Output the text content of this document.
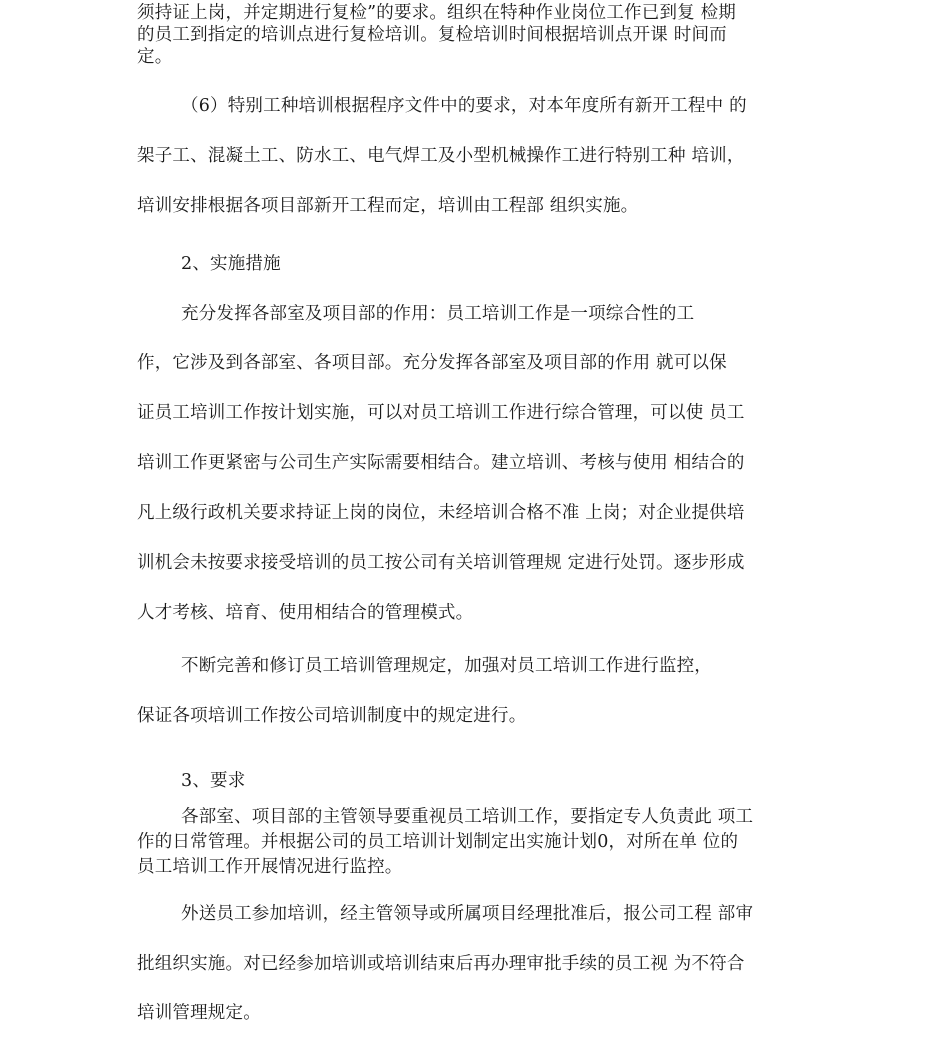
须持证上岗，并定期进行复检”的要求。组织在特种作业岗位工作已到复 检期

的员工到指定的培训点进行复检培训。复检培训时间根据培训点开课 时间而

定。

（6）特别工种培训根据程序文件中的要求，对本年度所有新开工程中 的

架子工、混凝土工、防水工、电气焊工及小型机械操作工进行特别工种 培训，

培训安排根据各项目部新开工程而定，培训由工程部 组织实施。

2、实施措施

充分发挥各部室及项目部的作用：员工培训工作是一项综合性的工

作，它涉及到各部室、各项目部。充分发挥各部室及项目部的作用 就可以保

证员工培训工作按计划实施，可以对员工培训工作进行综合管理，可以使 员工

培训工作更紧密与公司生产实际需要相结合。建立培训、考核与使用 相结合的

凡上级行政机关要求持证上岗的岗位，未经培训合格不准 上岗；对企业提供培

训机会未按要求接受培训的员工按公司有关培训管理规 定进行处罚。逐步形成

人才考核、培育、使用相结合的管理模式。

不断完善和修订员工培训管理规定，加强对员工培训工作进行监控，

保证各项培训工作按公司培训制度中的规定进行。

3、要求

各部室、项目部的主管领导要重视员工培训工作，要指定专人负责此 项工

作的日常管理。并根据公司的员工培训计划制定出实施计划0，对所在单 位的

员工培训工作开展情况进行监控。

外送员工参加培训，经主管领导或所属项目经理批准后，报公司工程 部审

批组织实施。对已经参加培训或培训结束后再办理审批手续的员工视 为不符合

培训管理规定。
